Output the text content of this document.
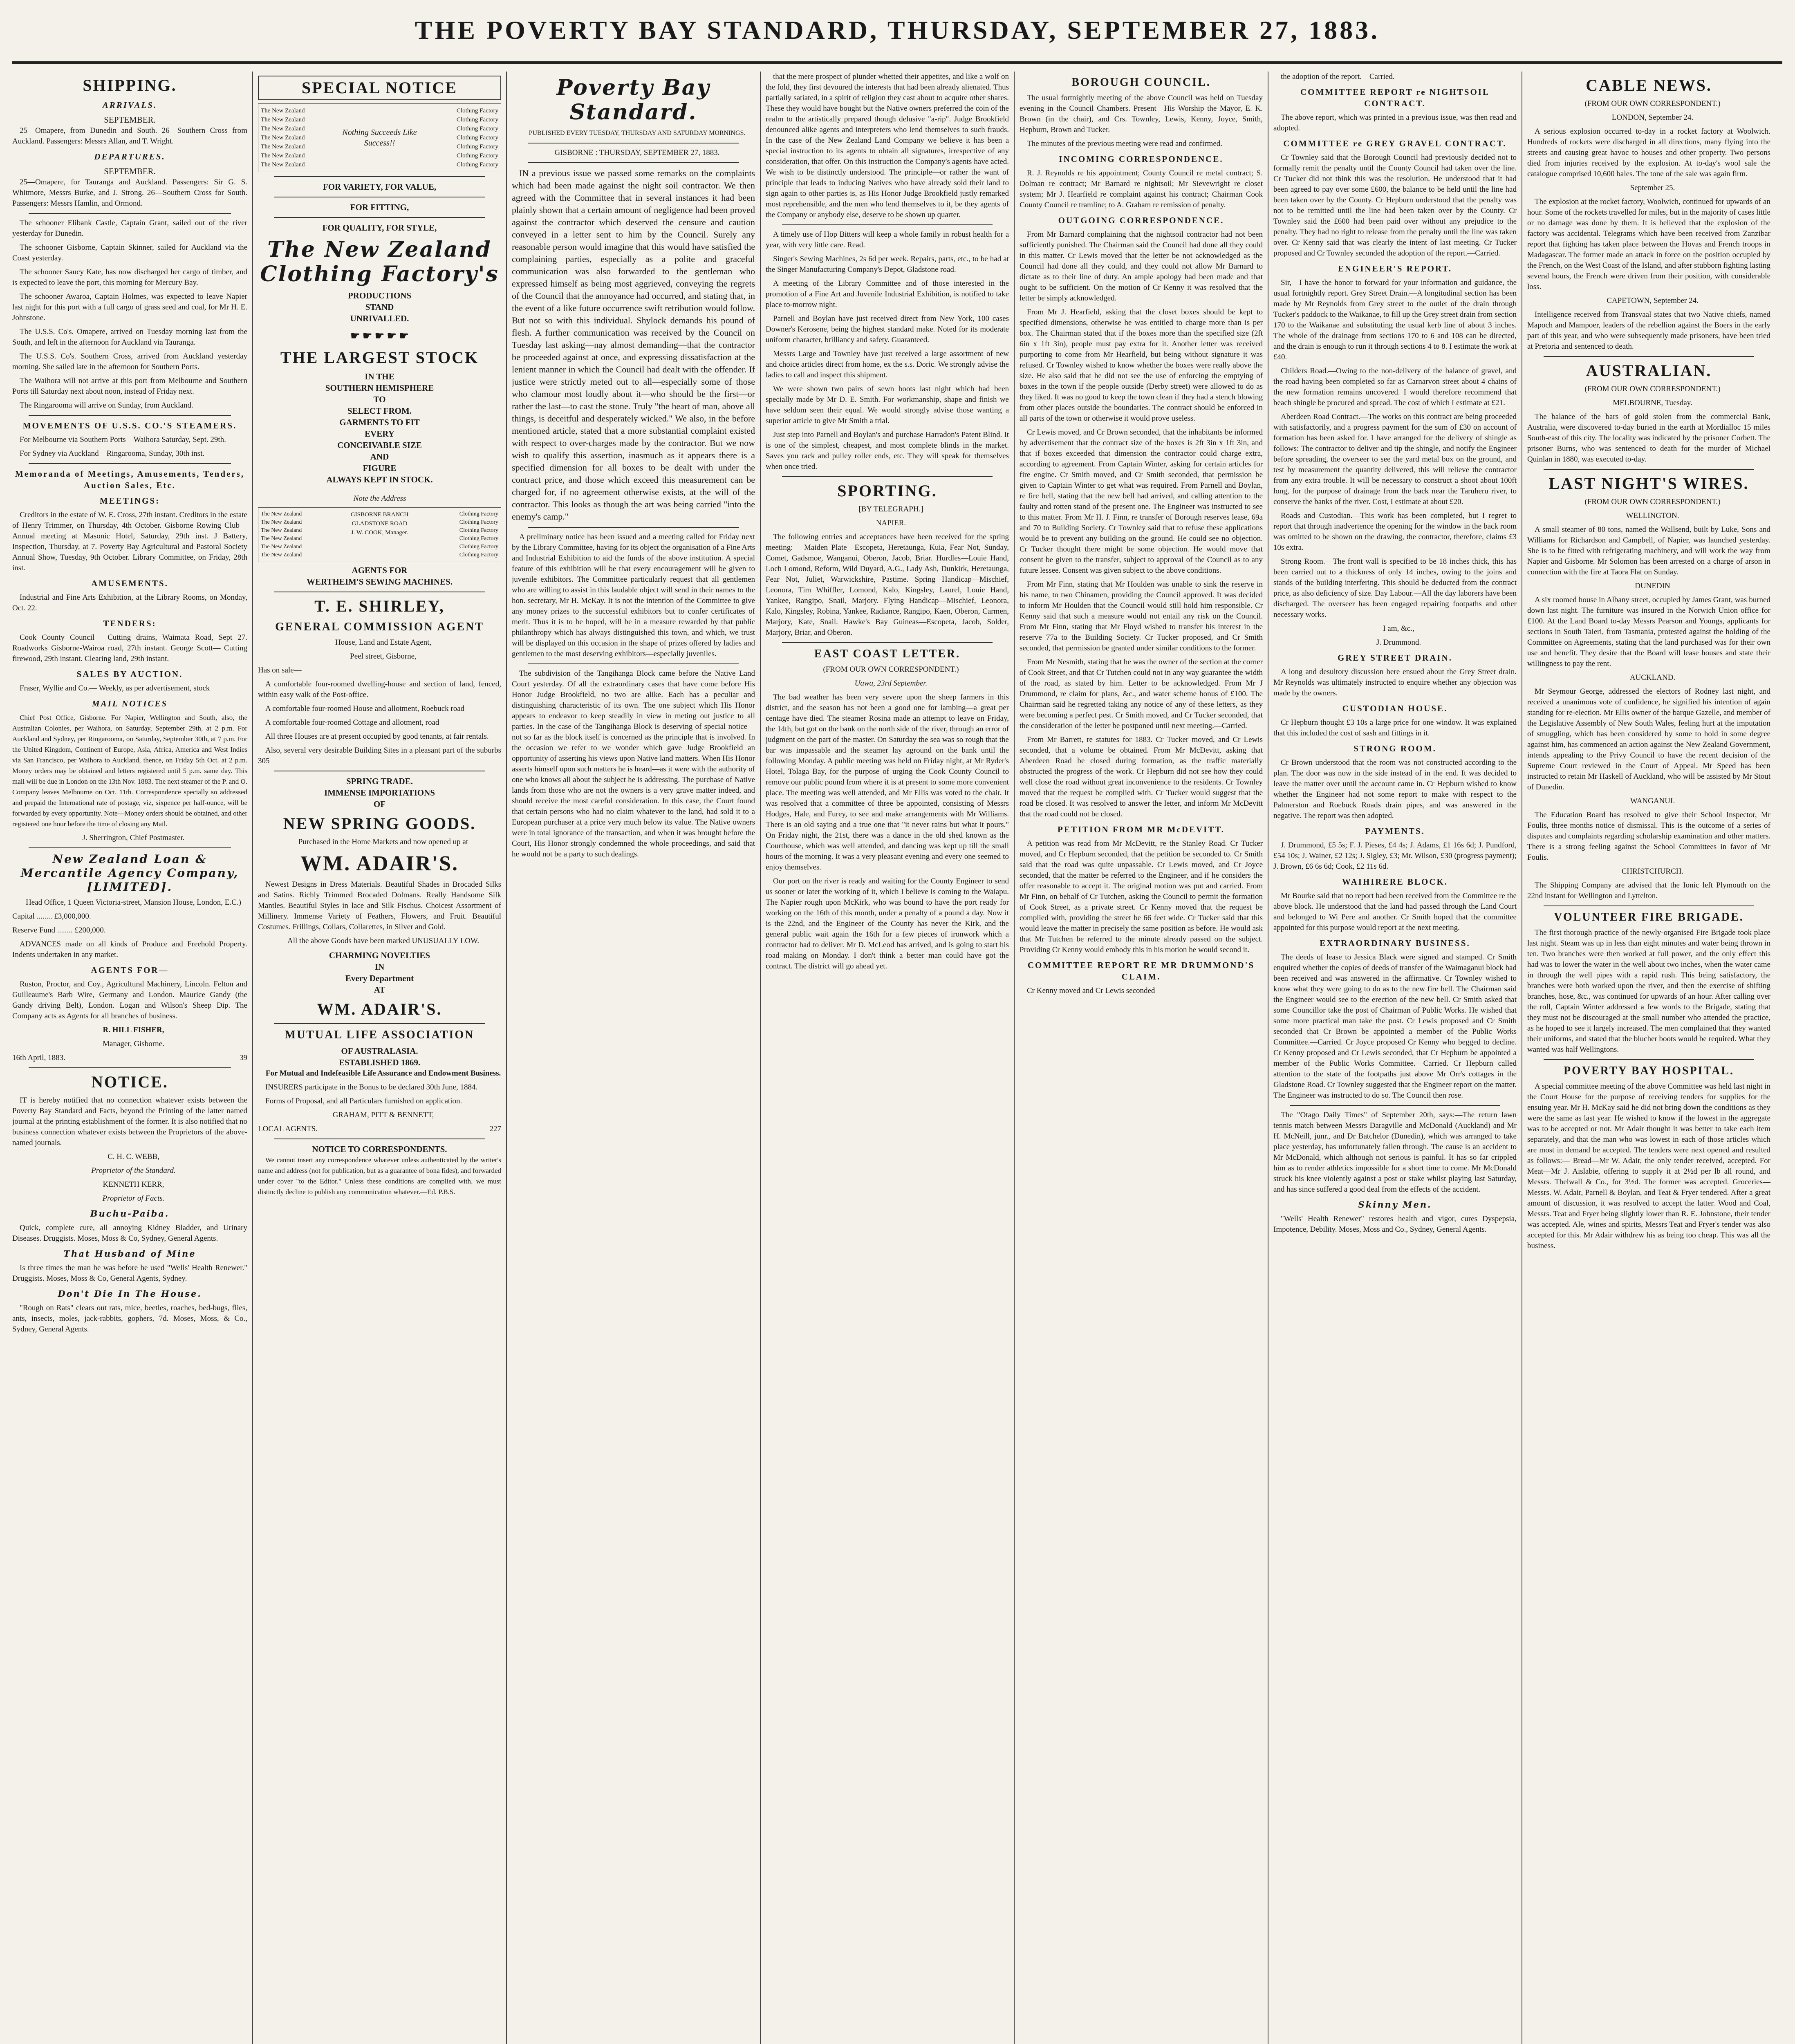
THE POVERTY BAY STANDARD, THURSDAY, SEPTEMBER 27, 1883.
SHIPPING.
ARRIVALS.
SEPTEMBER.

25—Omapere, from Dunedin and South. 26—Southern Cross from Auckland. Passengers: Messrs Allan, and T. Wright.

DEPARTURES.
SEPTEMBER.

25—Omapere, for Tauranga and Auckland. Passengers: Sir G. S. Whitmore, Messrs Burke, and J. Strong. 26—Southern Cross for South. Passengers: Messrs Hamlin, and Ormond.

The schooner Elibank Castle, Captain Grant, sailed out of the river yesterday for Dunedin.

The schooner Gisborne, Captain Skinner, sailed for Auckland via the Coast yesterday.

The schooner Saucy Kate, has now discharged her cargo of timber, and is expected to leave the port, this morning for Mercury Bay.

The schooner Awaroa, Captain Holmes, was expected to leave Napier last night for this port with a full cargo of grass seed and coal, for Mr H. E. Johnstone.

The U.S.S. Co's. Omapere, arrived on Tuesday morning last from the South, and left in the afternoon for Auckland via Tauranga.

The U.S.S. Co's. Southern Cross, arrived from Auckland yesterday morning. She sailed late in the afternoon for Southern Ports.

The Waihora will not arrive at this port from Melbourne and Southern Ports till Saturday next about noon, instead of Friday next.

The Ringarooma will arrive on Sunday, from Auckland.

MOVEMENTS OF U.S.S. CO.'S STEAMERS.

For Melbourne via Southern Ports—Waihora Saturday, Sept. 29th.

For Sydney via Auckland—Ringarooma, Sunday, 30th inst.

Memoranda of Meetings, Amusements, Tenders, Auction Sales, Etc.
MEETINGS:

Creditors in the estate of W. E. Cross, 27th instant. Creditors in the estate of Henry Trimmer, on Thursday, 4th October. Gisborne Rowing Club—Annual meeting at Masonic Hotel, Saturday, 29th inst. J Battery, Inspection, Thursday, at 7. Poverty Bay Agricultural and Pastoral Society Annual Show, Tuesday, 9th October. Library Committee, on Friday, 28th inst.

AMUSEMENTS.

Industrial and Fine Arts Exhibition, at the Library Rooms, on Monday, Oct. 22.

TENDERS:

Cook County Council— Cutting drains, Waimata Road, Sept 27. Roadworks Gisborne-Wairoa road, 27th instant. George Scott— Cutting firewood, 29th instant. Clearing land, 29th instant.

SALES BY AUCTION.

Fraser, Wyllie and Co.— Weekly, as per advertisement, stock

MAIL NOTICES

Chief Post Office, Gisborne. For Napier, Wellington and South, also, the Australian Colonies, per Waihora, on Saturday, September 29th, at 2 p.m. For Auckland and Sydney, per Ringarooma, on Saturday, September 30th, at 7 p.m. For the United Kingdom, Continent of Europe, Asia, Africa, America and West Indies via San Francisco, per Waihora to Auckland, thence, on Friday 5th Oct. at 2 p.m. Money orders may be obtained and letters registered until 5 p.m. same day. This mail will be due in London on the 13th Nov. 1883. The next steamer of the P. and O. Company leaves Melbourne on Oct. 11th. Correspondence specially so addressed and prepaid the International rate of postage, viz, sixpence per half-ounce, will be forwarded by every opportunity. Note—Money orders should be obtained, and other registered one hour before the time of closing any Mail.

J. Sherrington, Chief Postmaster.

New Zealand Loan & Mercantile Agency Company, [LIMITED].

Head Office, 1 Queen Victoria-street, Mansion House, London, E.C.)

Capital ........ £3,000,000.

Reserve Fund ........ £200,000.

ADVANCES made on all kinds of Produce and Freehold Property. Indents undertaken in any market.

AGENTS FOR—

Ruston, Proctor, and Coy., Agricultural Machinery, Lincoln. Felton and Guilleaume's Barb Wire, Germany and London. Maurice Gandy (the Gandy driving Belt), London. Logan and Wilson's Sheep Dip. The Company acts as Agents for all branches of business.

R. HILL FISHER,

Manager, Gisborne.

16th April, 1883.	39

NOTICE.

IT is hereby notified that no connection whatever exists between the Poverty Bay Standard and Facts, beyond the Printing of the latter named journal at the printing establishment of the former. It is also notified that no business connection whatever exists between the Proprietors of the above-named journals.

C. H. C. WEBB,

Proprietor of the Standard.

KENNETH KERR,

Proprietor of Facts.

Buchu-Paiba.

Quick, complete cure, all annoying Kidney Bladder, and Urinary Diseases. Druggists. Moses, Moss & Co, Sydney, General Agents.

That Husband of Mine

Is three times the man he was before he used "Wells' Health Renewer." Druggists. Moses, Moss & Co, General Agents, Sydney.

Don't Die In The House.

"Rough on Rats" clears out rats, mice, beetles, roaches, bed-bugs, flies, ants, insects, moles, jack-rabbits, gophers, 7d. Moses, Moss, & Co., Sydney, General Agents.

SPECIAL NOTICE
The New Zealand
The New Zealand
The New Zealand
The New Zealand
The New Zealand
The New Zealand
The New Zealand
Nothing Succeeds Like Success!!
Clothing Factory
Clothing Factory
Clothing Factory
Clothing Factory
Clothing Factory
Clothing Factory
Clothing Factory
FOR VARIETY, FOR VALUE,
FOR FITTING,
FOR QUALITY, FOR STYLE,
The New Zealand Clothing Factory's
PRODUCTIONS
STAND
UNRIVALLED.
☛ ☛ ☛ ☛ ☛
THE LARGEST STOCK
IN THE
SOUTHERN HEMISPHERE
TO
SELECT FROM.
GARMENTS TO FIT
EVERY
CONCEIVABLE SIZE
AND
FIGURE
ALWAYS KEPT IN STOCK.

Note the Address—

The New Zealand
The New Zealand
The New Zealand
The New Zealand
The New Zealand
The New Zealand
GISBORNE BRANCH
GLADSTONE ROAD
J. W. COOK, Manager.
Clothing Factory
Clothing Factory
Clothing Factory
Clothing Factory
Clothing Factory
Clothing Factory
AGENTS FOR
WERTHEIM'S SEWING MACHINES.
T. E. SHIRLEY,
GENERAL COMMISSION AGENT

House, Land and Estate Agent,

Peel street, Gisborne,

Has on sale—

A comfortable four-roomed dwelling-house and section of land, fenced, within easy walk of the Post-office.

A comfortable four-roomed House and allotment, Roebuck road

A comfortable four-roomed Cottage and allotment, road

All three Houses are at present occupied by good tenants, at fair rentals.

Also, several very desirable Building Sites in a pleasant part of the suburbs 305

SPRING TRADE.
IMMENSE IMPORTATIONS
OF
NEW SPRING GOODS.

Purchased in the Home Markets and now opened up at

WM. ADAIR'S.

Newest Designs in Dress Materials. Beautiful Shades in Brocaded Silks and Satins. Richly Trimmed Brocaded Dolmans. Really Handsome Silk Mantles. Beautiful Styles in lace and Silk Fischus. Choicest Assortment of Millinery. Immense Variety of Feathers, Flowers, and Fruit. Beautiful Costumes. Frillings, Collars, Collarettes, in Silver and Gold.

All the above Goods have been marked UNUSUALLY LOW.

CHARMING NOVELTIES
IN
Every Department
AT
WM. ADAIR'S.
MUTUAL LIFE ASSOCIATION
OF AUSTRALASIA.
ESTABLISHED 1869.

For Mutual and Indefeasible Life Assurance and Endowment Business.

INSURERS participate in the Bonus to be declared 30th June, 1884.

Forms of Proposal, and all Particulars furnished on application.

GRAHAM, PITT & BENNETT,

LOCAL AGENTS.	227

NOTICE TO CORRESPONDENTS.

We cannot insert any correspondence whatever unless authenticated by the writer's name and address (not for publication, but as a guarantee of bona fides), and forwarded under cover "to the Editor." Unless these conditions are complied with, we must distinctly decline to publish any communication whatever.—Ed. P.B.S.

Poverty Bay Standard.

PUBLISHED EVERY TUESDAY, THURSDAY AND SATURDAY MORNINGS.

GISBORNE : THURSDAY, SEPTEMBER 27, 1883.

IN a previous issue we passed some remarks on the complaints which had been made against the night soil contractor. We then agreed with the Committee that in several instances it had been plainly shown that a certain amount of negligence had been proved against the contractor which deserved the censure and caution conveyed in a letter sent to him by the Council. Surely any reasonable person would imagine that this would have satisfied the complaining parties, especially as a polite and graceful communication was also forwarded to the gentleman who expressed himself as being most aggrieved, conveying the regrets of the Council that the annoyance had occurred, and stating that, in the event of a like future occurrence swift retribution would follow. But not so with this individual. Shylock demands his pound of flesh. A further communication was received by the Council on Tuesday last asking—nay almost demanding—that the contractor be proceeded against at once, and expressing dissatisfaction at the lenient manner in which the Council had dealt with the offender. If justice were strictly meted out to all—especially some of those who clamour most loudly about it—who should be the first—or rather the last—to cast the stone. Truly "the heart of man, above all things, is deceitful and desperately wicked." We also, in the before mentioned article, stated that a more substantial complaint existed with respect to over-charges made by the contractor. But we now wish to qualify this assertion, inasmuch as it appears there is a specified dimension for all boxes to be dealt with under the contract price, and those which exceed this measurement can be charged for, if no agreement otherwise exists, at the will of the contractor. This looks as though the art was being carried "into the enemy's camp."

A preliminary notice has been issued and a meeting called for Friday next by the Library Committee, having for its object the organisation of a Fine Arts and Industrial Exhibition to aid the funds of the above institution. A special feature of this exhibition will be that every encouragement will be given to juvenile exhibitors. The Committee particularly request that all gentlemen who are willing to assist in this laudable object will send in their names to the hon. secretary, Mr H. McKay. It is not the intention of the Committee to give any money prizes to the successful exhibitors but to confer certificates of merit. Thus it is to be hoped, will be in a measure rewarded by that public philanthropy which has always distinguished this town, and which, we trust will be displayed on this occasion in the shape of prizes offered by ladies and gentlemen to the most deserving exhibitors—especially juveniles.

The subdivision of the Tangihanga Block came before the Native Land Court yesterday. Of all the extraordinary cases that have come before His Honor Judge Brookfield, no two are alike. Each has a peculiar and distinguishing characteristic of its own. The one subject which His Honor appears to endeavor to keep steadily in view in meting out justice to all parties. In the case of the Tangihanga Block is deserving of special notice—not so far as the block itself is concerned as the principle that is involved. In the occasion we refer to we wonder which gave Judge Brookfield an opportunity of asserting his views upon Native land matters. When His Honor asserts himself upon such matters he is heard—as it were with the authority of one who knows all about the subject he is addressing. The purchase of Native lands from those who are not the owners is a very grave matter indeed, and should receive the most careful consideration. In this case, the Court found that certain persons who had no claim whatever to the land, had sold it to a European purchaser at a price very much below its value. The Native owners were in total ignorance of the transaction, and when it was brought before the Court, His Honor strongly condemned the whole proceedings, and said that he would not be a party to such dealings.

that the mere prospect of plunder whetted their appetites, and like a wolf on the fold, they first devoured the interests that had been already alienated. Thus partially satiated, in a spirit of religion they cast about to acquire other shares. These they would have bought but the Native owners preferred the coin of the realm to the artistically prepared though delusive "a-rip". Judge Brookfield denounced alike agents and interpreters who lend themselves to such frauds. In the case of the New Zealand Land Company we believe it has been a special instruction to its agents to obtain all signatures, irrespective of any consideration, that offer. On this instruction the Company's agents have acted. We wish to be distinctly understood. The principle—or rather the want of principle that leads to inducing Natives who have already sold their land to sign again to other parties is, as His Honor Judge Brookfield justly remarked most reprehensible, and the men who lend themselves to it, be they agents of the Company or anybody else, deserve to be shown up quarter.

A timely use of Hop Bitters will keep a whole family in robust health for a year, with very little care. Read.

Singer's Sewing Machines, 2s 6d per week. Repairs, parts, etc., to be had at the Singer Manufacturing Company's Depot, Gladstone road.

A meeting of the Library Committee and of those interested in the promotion of a Fine Art and Juvenile Industrial Exhibition, is notified to take place to-morrow night.

Parnell and Boylan have just received direct from New York, 100 cases Downer's Kerosene, being the highest standard make. Noted for its moderate uniform character, brilliancy and safety. Guaranteed.

Messrs Large and Townley have just received a large assortment of new and choice articles direct from home, ex the s.s. Doric. We strongly advise the ladies to call and inspect this shipment.

We were shown two pairs of sewn boots last night which had been specially made by Mr D. E. Smith. For workmanship, shape and finish we have seldom seen their equal. We would strongly advise those wanting a superior article to give Mr Smith a trial.

Just step into Parnell and Boylan's and purchase Harradon's Patent Blind. It is one of the simplest, cheapest, and most complete blinds in the market. Saves you rack and pulley roller ends, etc. They will speak for themselves when once tried.

SPORTING.

[BY TELEGRAPH.]

NAPIER.

The following entries and acceptances have been received for the spring meeting:— Maiden Plate—Escopeta, Heretaunga, Kuia, Fear Not, Sunday, Comet, Gadsmoe, Wanganui, Oberon, Jacob, Briar. Hurdles—Louie Hand, Loch Lomond, Reform, Wild Duyard, A.G., Lady Ash, Dunkirk, Heretaunga, Fear Not, Juliet, Warwickshire, Pastime. Spring Handicap—Mischief, Leonora, Tim Whiffler, Lomond, Kalo, Kingsley, Laurel, Louie Hand, Yankee, Rangipo, Snail, Marjory. Flying Handicap—Mischief, Leonora, Kalo, Kingsley, Robina, Yankee, Radiance, Rangipo, Kaen, Oberon, Carmen, Marjory, Kate, Snail. Hawke's Bay Guineas—Escopeta, Jacob, Solder, Marjory, Briar, and Oberon.

EAST COAST LETTER.

(FROM OUR OWN CORRESPONDENT.)

Uawa, 23rd September.

The bad weather has been very severe upon the sheep farmers in this district, and the season has not been a good one for lambing—a great per centage have died. The steamer Rosina made an attempt to leave on Friday, the 14th, but got on the bank on the north side of the river, through an error of judgment on the part of the master. On Saturday the sea was so rough that the bar was impassable and the steamer lay aground on the bank until the following Monday. A public meeting was held on Friday night, at Mr Ryder's Hotel, Tolaga Bay, for the purpose of urging the Cook County Council to remove our public pound from where it is at present to some more convenient place. The meeting was well attended, and Mr Ellis was voted to the chair. It was resolved that a committee of three be appointed, consisting of Messrs Hodges, Hale, and Furey, to see and make arrangements with Mr Williams. There is an old saying and a true one that "it never rains but what it pours." On Friday night, the 21st, there was a dance in the old shed known as the Courthouse, which was well attended, and dancing was kept up till the small hours of the morning. It was a very pleasant evening and every one seemed to enjoy themselves.

Our port on the river is ready and waiting for the County Engineer to send us sooner or later the working of it, which I believe is coming to the Waiapu. The Napier rough upon McKirk, who was bound to have the port ready for working on the 16th of this month, under a penalty of a pound a day. Now it is the 22nd, and the Engineer of the County has never the Kirk, and the general public wait again the 16th for a few pieces of ironwork which a contractor had to deliver. Mr D. McLeod has arrived, and is going to start his road making on Monday. I don't think a better man could have got the contract. The district will go ahead yet.

BOROUGH COUNCIL.

The usual fortnightly meeting of the above Council was held on Tuesday evening in the Council Chambers. Present—His Worship the Mayor, E. K. Brown (in the chair), and Crs. Townley, Lewis, Kenny, Joyce, Smith, Hepburn, Brown and Tucker.

The minutes of the previous meeting were read and confirmed.

INCOMING CORRESPONDENCE.

R. J. Reynolds re his appointment; County Council re metal contract; S. Dolman re contract; Mr Barnard re nightsoil; Mr Sievewright re closet system; Mr J. Hearfield re complaint against his contract; Chairman Cook County Council re tramline; to A. Graham re remission of penalty.

OUTGOING CORRESPONDENCE.

From Mr Barnard complaining that the nightsoil contractor had not been sufficiently punished. The Chairman said the Council had done all they could in this matter. Cr Lewis moved that the letter be not acknowledged as the Council had done all they could, and they could not allow Mr Barnard to dictate as to their line of duty. An ample apology had been made and that ought to be sufficient. On the motion of Cr Kenny it was resolved that the letter be simply acknowledged.

From Mr J. Hearfield, asking that the closet boxes should be kept to specified dimensions, otherwise he was entitled to charge more than is per box. The Chairman stated that if the boxes more than the specified size (2ft 6in x 1ft 3in), people must pay extra for it. Another letter was received purporting to come from Mr Hearfield, but being without signature it was refused. Cr Townley wished to know whether the boxes were really above the size. He also said that he did not see the use of enforcing the emptying of boxes in the town if the people outside (Derby street) were allowed to do as they liked. It was no good to keep the town clean if they had a stench blowing from other places outside the boundaries. The contract should be enforced in all parts of the town or otherwise it would prove useless.

Cr Lewis moved, and Cr Brown seconded, that the inhabitants be informed by advertisement that the contract size of the boxes is 2ft 3in x 1ft 3in, and that if boxes exceeded that dimension the contractor could charge extra, according to agreement. From Captain Winter, asking for certain articles for fire engine. Cr Smith moved, and Cr Smith seconded, that permission be given to Captain Winter to get what was required. From Parnell and Boylan, re fire bell, stating that the new bell had arrived, and calling attention to the faulty and rotten stand of the present one. The Engineer was instructed to see to this matter. From Mr H. J. Finn, re transfer of Borough reserves lease, 69a and 70 to Building Society. Cr Townley said that to refuse these applications would be to prevent any building on the ground. He could see no objection. Cr Tucker thought there might be some objection. He would move that consent be given to the transfer, subject to approval of the Council as to any future lessee. Consent was given subject to the above conditions.

From Mr Finn, stating that Mr Houlden was unable to sink the reserve in his name, to two Chinamen, providing the Council approved. It was decided to inform Mr Houlden that the Council would still hold him responsible. Cr Kenny said that such a measure would not entail any risk on the Council. From Mr Finn, stating that Mr Floyd wished to transfer his interest in the reserve 77a to the Building Society. Cr Tucker proposed, and Cr Smith seconded, that permission be granted under similar conditions to the former.

From Mr Nesmith, stating that he was the owner of the section at the corner of Cook Street, and that Cr Tutchen could not in any way guarantee the width of the road, as stated by him. Letter to be acknowledged. From Mr J Drummond, re claim for plans, &c., and water scheme bonus of £100. The Chairman said he regretted taking any notice of any of these letters, as they were becoming a perfect pest. Cr Smith moved, and Cr Tucker seconded, that the consideration of the letter be postponed until next meeting.—Carried.

From Mr Barrett, re statutes for 1883. Cr Tucker moved, and Cr Lewis seconded, that a volume be obtained. From Mr McDevitt, asking that Aberdeen Road be closed during formation, as the traffic materially obstructed the progress of the work. Cr Hepburn did not see how they could well close the road without great inconvenience to the residents. Cr Townley moved that the request be complied with. Cr Tucker would suggest that the road be closed. It was resolved to answer the letter, and inform Mr McDevitt that the road could not be closed.

PETITION FROM MR McDEVITT.

A petition was read from Mr McDevitt, re the Stanley Road. Cr Tucker moved, and Cr Hepburn seconded, that the petition be seconded to. Cr Smith said that the road was quite unpassable. Cr Lewis moved, and Cr Joyce seconded, that the matter be referred to the Engineer, and if he considers the offer reasonable to accept it. The original motion was put and carried. From Mr Finn, on behalf of Cr Tutchen, asking the Council to permit the formation of Cook Street, as a private street. Cr Kenny moved that the request be complied with, providing the street be 66 feet wide. Cr Tucker said that this would leave the matter in precisely the same position as before. He would ask that Mr Tutchen be referred to the minute already passed on the subject. Providing Cr Kenny would embody this in his motion he would second it.

COMMITTEE REPORT RE MR DRUMMOND'S CLAIM.

Cr Kenny moved and Cr Lewis seconded

the adoption of the report.—Carried.

COMMITTEE REPORT re NIGHTSOIL CONTRACT.

The above report, which was printed in a previous issue, was then read and adopted.

COMMITTEE re GREY GRAVEL CONTRACT.

Cr Townley said that the Borough Council had previously decided not to formally remit the penalty until the County Council had taken over the line. Cr Tucker did not think this was the resolution. He understood that it had been agreed to pay over some £600, the balance to be held until the line had been taken over by the County. Cr Hepburn understood that the penalty was not to be remitted until the line had been taken over by the County. Cr Townley said the £600 had been paid over without any prejudice to the penalty. They had no right to release from the penalty until the line was taken over. Cr Kenny said that was clearly the intent of last meeting. Cr Tucker proposed and Cr Townley seconded the adoption of the report.—Carried.

ENGINEER'S REPORT.

Sir,—I have the honor to forward for your information and guidance, the usual fortnightly report. Grey Street Drain.—A longitudinal section has been made by Mr Reynolds from Grey street to the outlet of the drain through Tucker's paddock to the Waikanae, to fill up the Grey street drain from section 170 to the Waikanae and substituting the usual kerb line of about 3 inches. The whole of the drainage from sections 170 to 6 and 108 can be directed, and the drain is enough to run it through sections 4 to 8. I estimate the work at £40.

Childers Road.—Owing to the non-delivery of the balance of gravel, and the road having been completed so far as Carnarvon street about 4 chains of the new formation remains uncovered. I would therefore recommend that beach shingle be procured and spread. The cost of which I estimate at £21.

Aberdeen Road Contract.—The works on this contract are being proceeded with satisfactorily, and a progress payment for the sum of £30 on account of formation has been asked for. I have arranged for the delivery of shingle as follows: The contractor to deliver and tip the shingle, and notify the Engineer before spreading, the overseer to see the yard metal box on the ground, and test by measurement the quantity delivered, this will relieve the contractor from any extra trouble. It will be necessary to construct a shoot about 100ft long, for the purpose of drainage from the back near the Taruheru river, to conserve the banks of the river. Cost, I estimate at about £20.

Roads and Custodian.—This work has been completed, but I regret to report that through inadvertence the opening for the window in the back room was omitted to be shown on the drawing, the contractor, therefore, claims £3 10s extra.

Strong Room.—The front wall is specified to be 18 inches thick, this has been carried out to a thickness of only 14 inches, owing to the joins and stands of the building interfering. This should be deducted from the contract price, as also deficiency of size. Day Labour.—All the day laborers have been discharged. The overseer has been engaged repairing footpaths and other necessary works.

I am, &c.,

J. Drummond.

GREY STREET DRAIN.

A long and desultory discussion here ensued about the Grey Street drain. Mr Reynolds was ultimately instructed to enquire whether any objection was made by the owners.

CUSTODIAN HOUSE.

Cr Hepburn thought £3 10s a large price for one window. It was explained that this included the cost of sash and fittings in it.

STRONG ROOM.

Cr Brown understood that the room was not constructed according to the plan. The door was now in the side instead of in the end. It was decided to leave the matter over until the account came in. Cr Hepburn wished to know whether the Engineer had not some report to make with respect to the Palmerston and Roebuck Roads drain pipes, and was answered in the negative. The report was then adopted.

PAYMENTS.

J. Drummond, £5 5s; F. J. Pieses, £4 4s; J. Adams, £1 16s 6d; J. Pundford, £54 10s; J. Wainer, £2 12s; J. Sigley, £3; Mr. Wilson, £30 (progress payment); J. Brown, £6 6s 6d; Cook, £2 11s 6d.

WAIHIRERE BLOCK.

Mr Bourke said that no report had been received from the Committee re the above block. He understood that the land had passed through the Land Court and belonged to Wi Pere and another. Cr Smith hoped that the committee appointed for this purpose would report at the next meeting.

EXTRAORDINARY BUSINESS.

The deeds of lease to Jessica Black were signed and stamped. Cr Smith enquired whether the copies of deeds of transfer of the Waimaganui block had been received and was answered in the affirmative. Cr Townley wished to know what they were going to do as to the new fire bell. The Chairman said the Engineer would see to the erection of the new bell. Cr Smith asked that some Councillor take the post of Chairman of Public Works. He wished that some more practical man take the post. Cr Lewis proposed and Cr Smith seconded that Cr Brown be appointed a member of the Public Works Committee.—Carried. Cr Joyce proposed Cr Kenny who begged to decline. Cr Kenny proposed and Cr Lewis seconded, that Cr Hepburn be appointed a member of the Public Works Committee.—Carried. Cr Hepburn called attention to the state of the footpaths just above Mr Orr's cottages in the Gladstone Road. Cr Townley suggested that the Engineer report on the matter. The Engineer was instructed to do so. The Council then rose.

The "Otago Daily Times" of September 20th, says:—The return lawn tennis match between Messrs Daragville and McDonald (Auckland) and Mr H. McNeill, junr., and Dr Batchelor (Dunedin), which was arranged to take place yesterday, has unfortunately fallen through. The cause is an accident to Mr McDonald, which although not serious is painful. It has so far crippled him as to render athletics impossible for a short time to come. Mr McDonald struck his knee violently against a post or stake whilst playing last Saturday, and has since suffered a good deal from the effects of the accident.

Skinny Men.

"Wells' Health Renewer" restores health and vigor, cures Dyspepsia, Impotence, Debility. Moses, Moss and Co., Sydney, General Agents.

CABLE NEWS.

(FROM OUR OWN CORRESPONDENT.)

LONDON, September 24.

A serious explosion occurred to-day in a rocket factory at Woolwich. Hundreds of rockets were discharged in all directions, many flying into the streets and causing great havoc to houses and other property. Two persons died from injuries received by the explosion. At to-day's wool sale the catalogue comprised 10,600 bales. The tone of the sale was again firm.

September 25.

The explosion at the rocket factory, Woolwich, continued for upwards of an hour. Some of the rockets travelled for miles, but in the majority of cases little or no damage was done by them. It is believed that the explosion of the factory was accidental. Telegrams which have been received from Zanzibar report that fighting has taken place between the Hovas and French troops in Madagascar. The former made an attack in force on the position occupied by the French, on the West Coast of the Island, and after stubborn fighting lasting several hours, the French were driven from their position, with considerable loss.

CAPETOWN, September 24.

Intelligence received from Transvaal states that two Native chiefs, named Mapoch and Mampoer, leaders of the rebellion against the Boers in the early part of this year, and who were subsequently made prisoners, have been tried at Pretoria and sentenced to death.

AUSTRALIAN.

(FROM OUR OWN CORRESPONDENT.)

MELBOURNE, Tuesday.

The balance of the bars of gold stolen from the commercial Bank, Australia, were discovered to-day buried in the earth at Mordialloc 15 miles South-east of this city. The locality was indicated by the prisoner Corbett. The prisoner Burns, who was sentenced to death for the murder of Michael Quinlan in 1880, was executed to-day.

LAST NIGHT'S WIRES.

(FROM OUR OWN CORRESPONDENT.)

WELLINGTON.

A small steamer of 80 tons, named the Wallsend, built by Luke, Sons and Williams for Richardson and Campbell, of Napier, was launched yesterday. She is to be fitted with refrigerating machinery, and will work the way from Napier and Gisborne. Mr Solomon has been arrested on a charge of arson in connection with the fire at Taora Flat on Sunday.

DUNEDIN

A six roomed house in Albany street, occupied by James Grant, was burned down last night. The furniture was insured in the Norwich Union office for £100. At the Land Board to-day Messrs Pearson and Youngs, applicants for sections in South Taieri, from Tasmania, protested against the holding of the Committee on Agreements, stating that the land purchased was for their own use and benefit. They desire that the Board will lease houses and state their willingness to pay the rent.

AUCKLAND.

Mr Seymour George, addressed the electors of Rodney last night, and received a unanimous vote of confidence, he signified his intention of again standing for re-election. Mr Ellis owner of the barque Gazelle, and member of the Legislative Assembly of New South Wales, feeling hurt at the imputation of smuggling, which has been considered by some to hold in some degree against him, has commenced an action against the New Zealand Government, intends appealing to the Privy Council to have the recent decision of the Supreme Court reviewed in the Court of Appeal. Mr Speed has been instructed to retain Mr Haskell of Auckland, who will be assisted by Mr Stout of Dunedin.

WANGANUI.

The Education Board has resolved to give their School Inspector, Mr Foulis, three months notice of dismissal. This is the outcome of a series of disputes and complaints regarding scholarship examination and other matters. There is a strong feeling against the School Committees in favor of Mr Foulis.

CHRISTCHURCH.

The Shipping Company are advised that the Ionic left Plymouth on the 22nd instant for Wellington and Lyttelton.

VOLUNTEER FIRE BRIGADE.

The first thorough practice of the newly-organised Fire Brigade took place last night. Steam was up in less than eight minutes and water being thrown in ten. Two branches were then worked at full power, and the only effect this had was to lower the water in the well about two inches, when the water came in through the well pipes with a rapid rush. This being satisfactory, the branches were both worked upon the river, and then the exercise of shifting branches, hose, &c., was continued for upwards of an hour. After calling over the roll, Captain Winter addressed a few words to the Brigade, stating that they must not be discouraged at the small number who attended the practice, as he hoped to see it largely increased. The men complained that they wanted their uniforms, and stated that the blucher boots would be required. What they wanted was half Wellingtons.

POVERTY BAY HOSPITAL.

A special committee meeting of the above Committee was held last night in the Court House for the purpose of receiving tenders for supplies for the ensuing year. Mr H. McKay said he did not bring down the conditions as they were the same as last year. He wished to know if the lowest in the aggregate was to be accepted or not. Mr Adair thought it was better to take each item separately, and that the man who was lowest in each of those articles which are most in demand be accepted. The tenders were next opened and resulted as follows:— Bread—Mr W. Adair, the only tender received, accepted. For Meat—Mr J. Aislabie, offering to supply it at 2½d per lb all round, and Messrs. Thelwall & Co., for 3½d. The former was accepted. Groceries—Messrs. W. Adair, Parnell & Boylan, and Teat & Fryer tendered. After a great amount of discussion, it was resolved to accept the latter. Wood and Coal, Messrs. Teat and Fryer being slightly lower than R. E. Johnstone, their tender was accepted. Ale, wines and spirits, Messrs Teat and Fryer's tender was also accepted for this. Mr Adair withdrew his as being too cheap. This was all the business.
